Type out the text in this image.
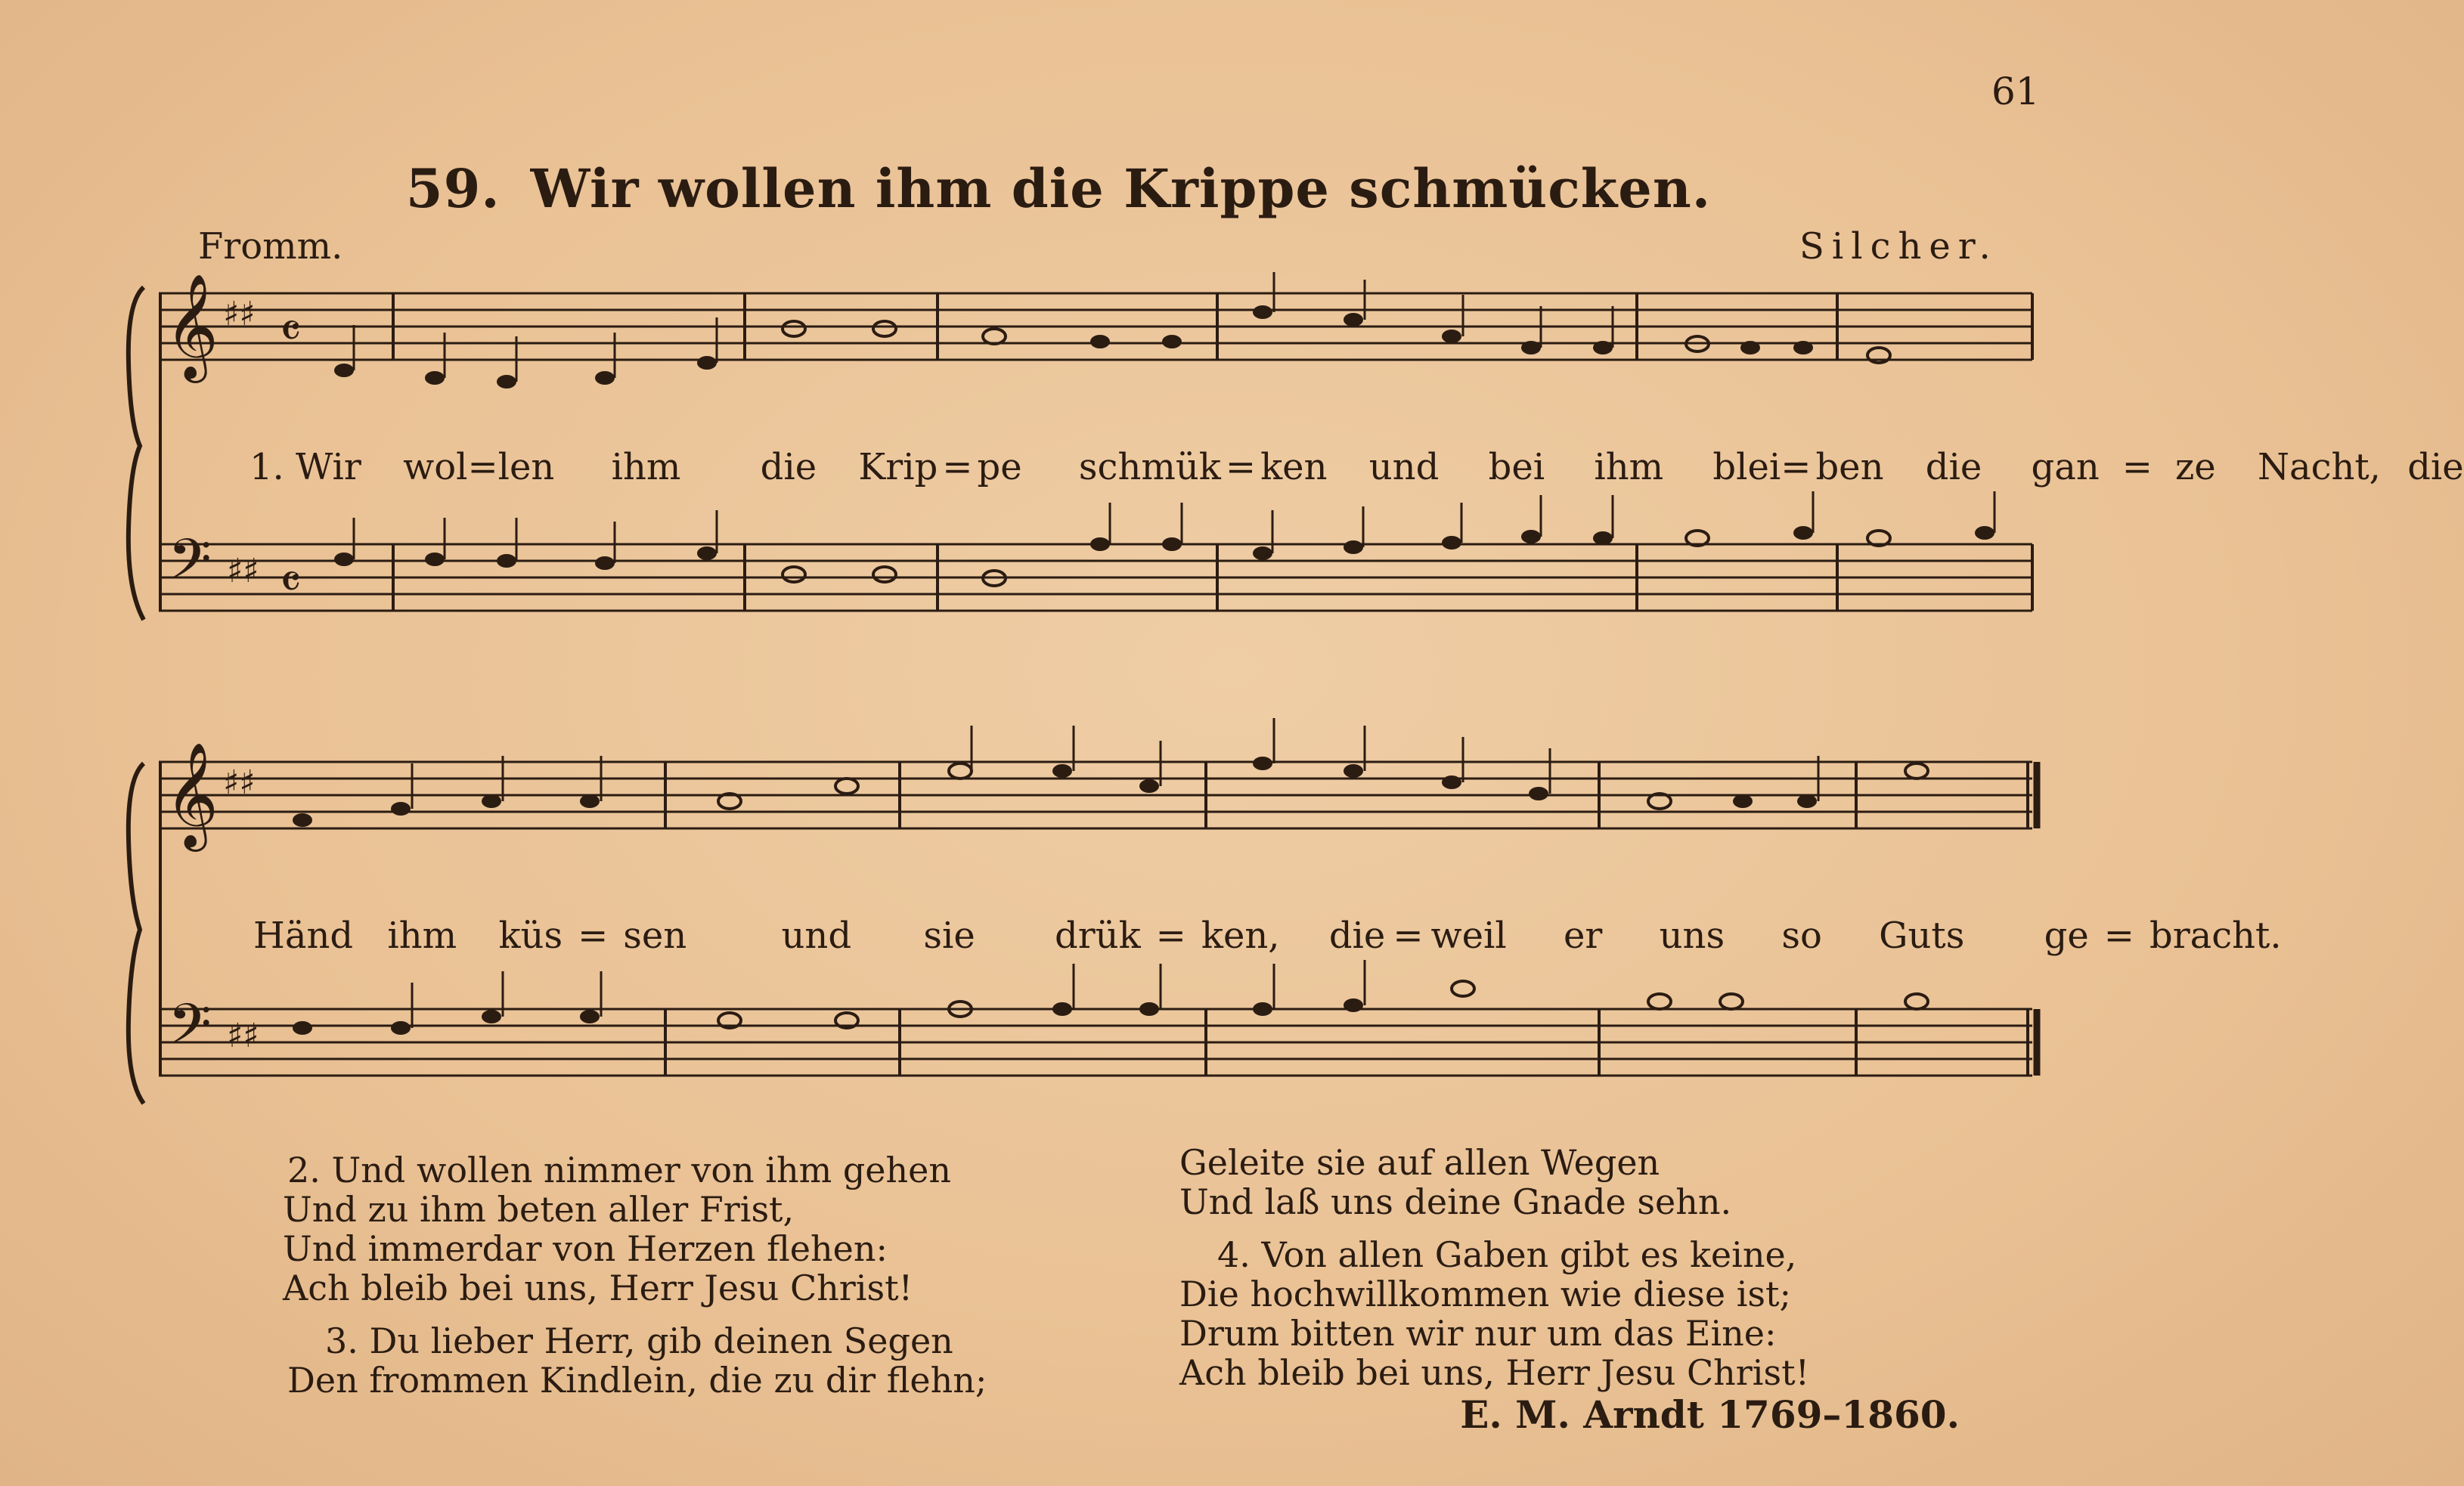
61
59. Wir wollen ihm die Krippe schmücken.
Fromm.	Silcher.
𝄞
𝄢
♯♯
♯♯
𝄴
𝄴
1. Wir wol=len ihm die Krip = pe schmük = ken und bei ihm blei= ben die gan = ze Nacht, die
𝄞
𝄢
♯♯
♯♯
Händ ihm küs = sen	und sie drük = ken, die = weil er uns so Guts ge = bracht.
2. Und wollen nimmer von ihm gehen
Und zu ihm beten aller Frist,
Und immerdar von Herzen flehen:
Ach bleib bei uns, Herr Jesu Christ!
3. Du lieber Herr, gib deinen Segen
Den frommen Kindlein, die zu dir flehn;
Geleite sie auf allen Wegen
Und laß uns deine Gnade sehn.
4. Von allen Gaben gibt es keine,
Die hochwillkommen wie diese ist;
Drum bitten wir nur um das Eine:
Ach bleib bei uns, Herr Jesu Christ!
E. M. Arndt 1769–1860.
